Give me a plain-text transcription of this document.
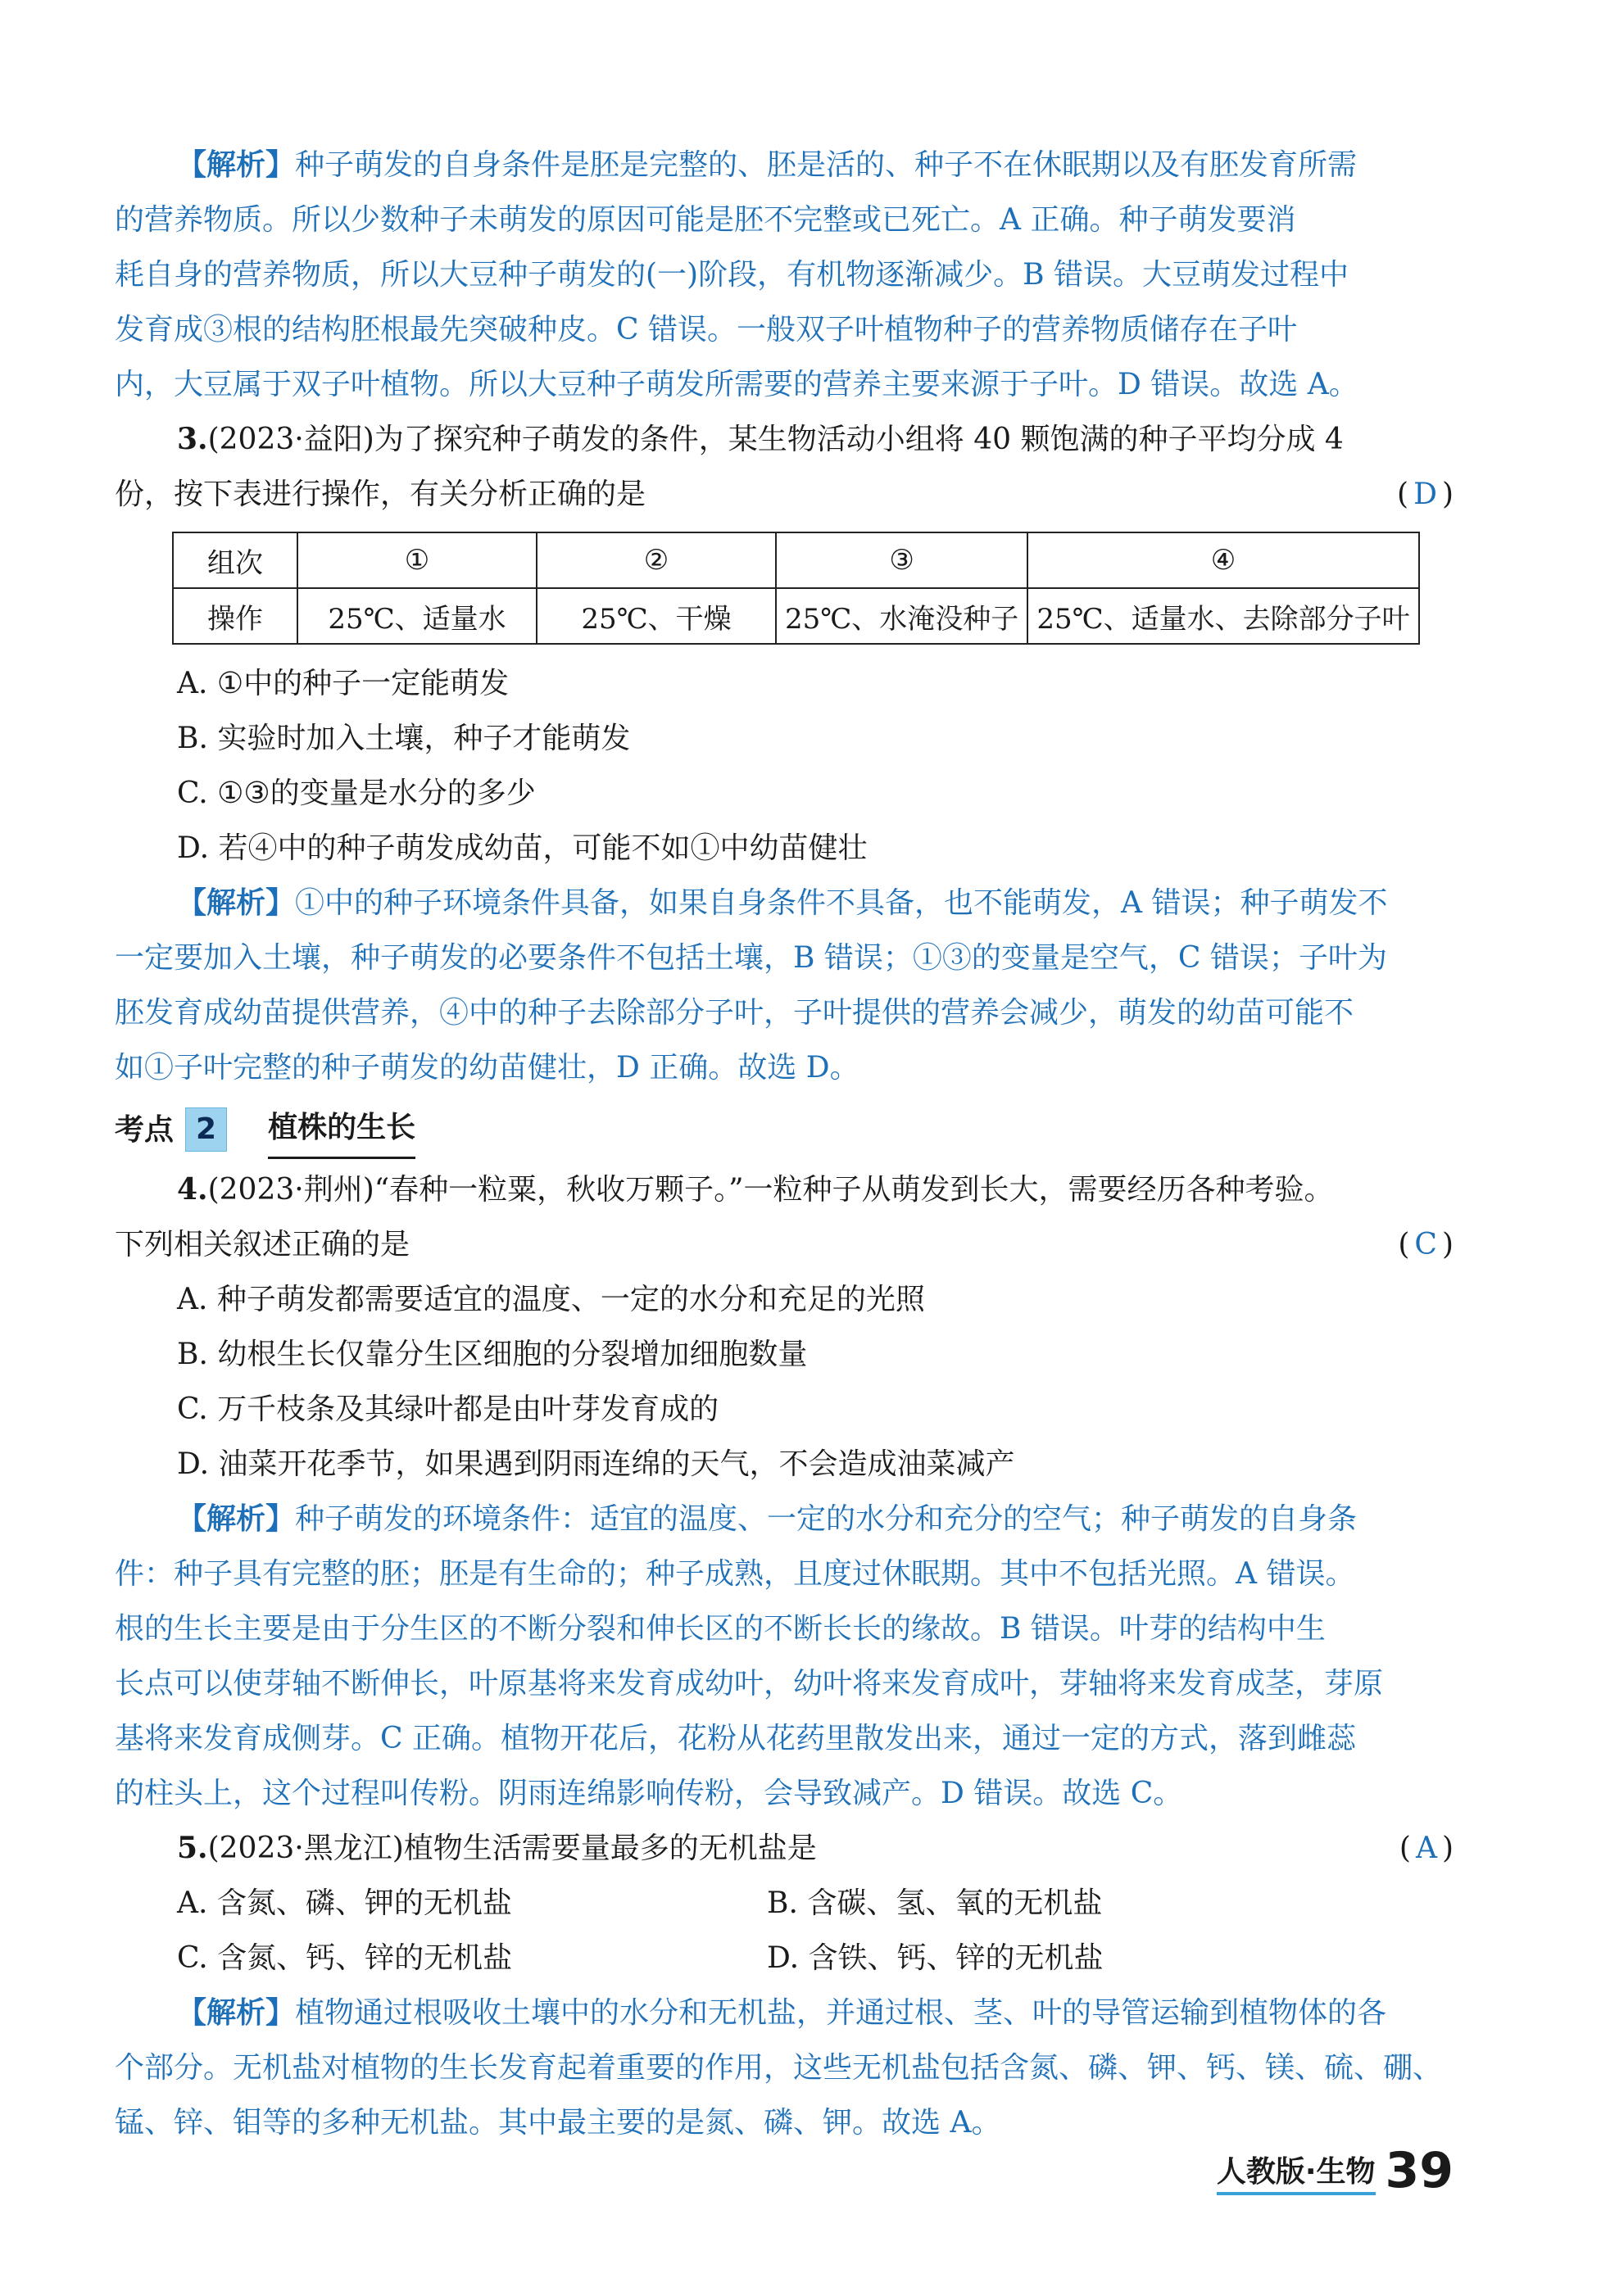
【解析】种子萌发的自身条件是胚是完整的、胚是活的、种子不在休眠期以及有胚发育所需
的营养物质。所以少数种子未萌发的原因可能是胚不完整或已死亡。A 正确。种子萌发要消
耗自身的营养物质，所以大豆种子萌发的(一)阶段，有机物逐渐减少。B 错误。大豆萌发过程中
发育成③根的结构胚根最先突破种皮。C 错误。一般双子叶植物种子的营养物质储存在子叶
内，大豆属于双子叶植物。所以大豆种子萌发所需要的营养主要来源于子叶。D 错误。故选 A。
3.(2023·益阳)为了探究种子萌发的条件，某生物活动小组将 40 颗饱满的种子平均分成 4
份，按下表进行操作，有关分析正确的是	(D)
组次	①	②	③	④
操作	25℃、适量水	25℃、干燥	25℃、水淹没种子	25℃、适量水、去除部分子叶
A. ①中的种子一定能萌发
B. 实验时加入土壤，种子才能萌发
C. ①③的变量是水分的多少
D. 若④中的种子萌发成幼苗，可能不如①中幼苗健壮
【解析】①中的种子环境条件具备，如果自身条件不具备，也不能萌发，A 错误；种子萌发不
一定要加入土壤，种子萌发的必要条件不包括土壤，B 错误；①③的变量是空气，C 错误；子叶为
胚发育成幼苗提供营养，④中的种子去除部分子叶，子叶提供的营养会减少，萌发的幼苗可能不
如①子叶完整的种子萌发的幼苗健壮，D 正确。故选 D。
考点 2	植株的生长
4.(2023·荆州)“春种一粒粟，秋收万颗子。”一粒种子从萌发到长大，需要经历各种考验。
下列相关叙述正确的是	(C)
A. 种子萌发都需要适宜的温度、一定的水分和充足的光照
B. 幼根生长仅靠分生区细胞的分裂增加细胞数量
C. 万千枝条及其绿叶都是由叶芽发育成的
D. 油菜开花季节，如果遇到阴雨连绵的天气，不会造成油菜减产
【解析】种子萌发的环境条件：适宜的温度、一定的水分和充分的空气；种子萌发的自身条
件：种子具有完整的胚；胚是有生命的；种子成熟，且度过休眠期。其中不包括光照。A 错误。
根的生长主要是由于分生区的不断分裂和伸长区的不断长长的缘故。B 错误。叶芽的结构中生
长点可以使芽轴不断伸长，叶原基将来发育成幼叶，幼叶将来发育成叶，芽轴将来发育成茎，芽原
基将来发育成侧芽。C 正确。植物开花后，花粉从花药里散发出来，通过一定的方式，落到雌蕊
的柱头上，这个过程叫传粉。阴雨连绵影响传粉，会导致减产。D 错误。故选 C。
5.(2023·黑龙江)植物生活需要量最多的无机盐是	(A)
A. 含氮、磷、钾的无机盐	B. 含碳、氢、氧的无机盐
C. 含氮、钙、锌的无机盐	D. 含铁、钙、锌的无机盐
【解析】植物通过根吸收土壤中的水分和无机盐，并通过根、茎、叶的导管运输到植物体的各
个部分。无机盐对植物的生长发育起着重要的作用，这些无机盐包括含氮、磷、钾、钙、镁、硫、硼、
锰、锌、钼等的多种无机盐。其中最主要的是氮、磷、钾。故选 A。
人教版·生物 39
